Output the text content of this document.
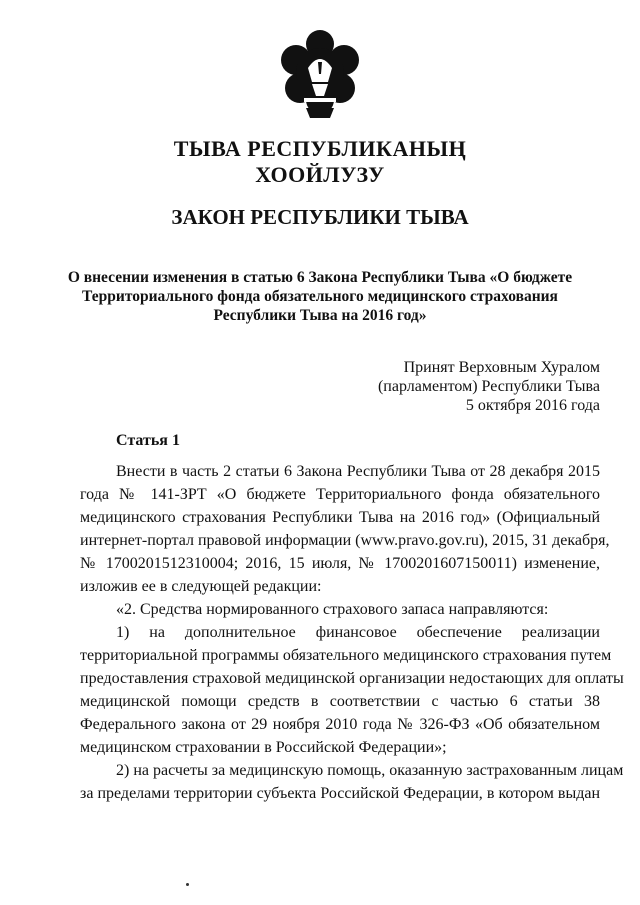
ТЫВА РЕСПУБЛИКАНЫҢ
ХООЙЛУЗУ
ЗАКОН РЕСПУБЛИКИ ТЫВА
О внесении изменения в статью 6 Закона Республики Тыва «О бюджете
Территориального фонда обязательного медицинского страхования
Республики Тыва на 2016 год»
Принят Верховным Хуралом
(парламентом) Республики Тыва
5 октября 2016 года
Статья 1
Внести в часть 2 статьи 6 Закона Республики Тыва от 28 декабря 2015
года № 141-ЗРТ «О бюджете Территориального фонда обязательного
медицинского страхования Республики Тыва на 2016 год» (Официальный
интернет-портал правовой информации (www.pravo.gov.ru), 2015, 31 декабря,
№ 1700201512310004; 2016, 15 июля, № 1700201607150011) изменение,
изложив ее в следующей редакции:
«2. Средства нормированного страхового запаса направляются:
1) на дополнительное финансовое обеспечение реализации
территориальной программы обязательного медицинского страхования путем
предоставления страховой медицинской организации недостающих для оплаты
медицинской помощи средств в соответствии с частью 6 статьи 38
Федерального закона от 29 ноября 2010 года № 326-ФЗ «Об обязательном
медицинском страховании в Российской Федерации»;
2) на расчеты за медицинскую помощь, оказанную застрахованным лицам
за пределами территории субъекта Российской Федерации, в котором выдан
